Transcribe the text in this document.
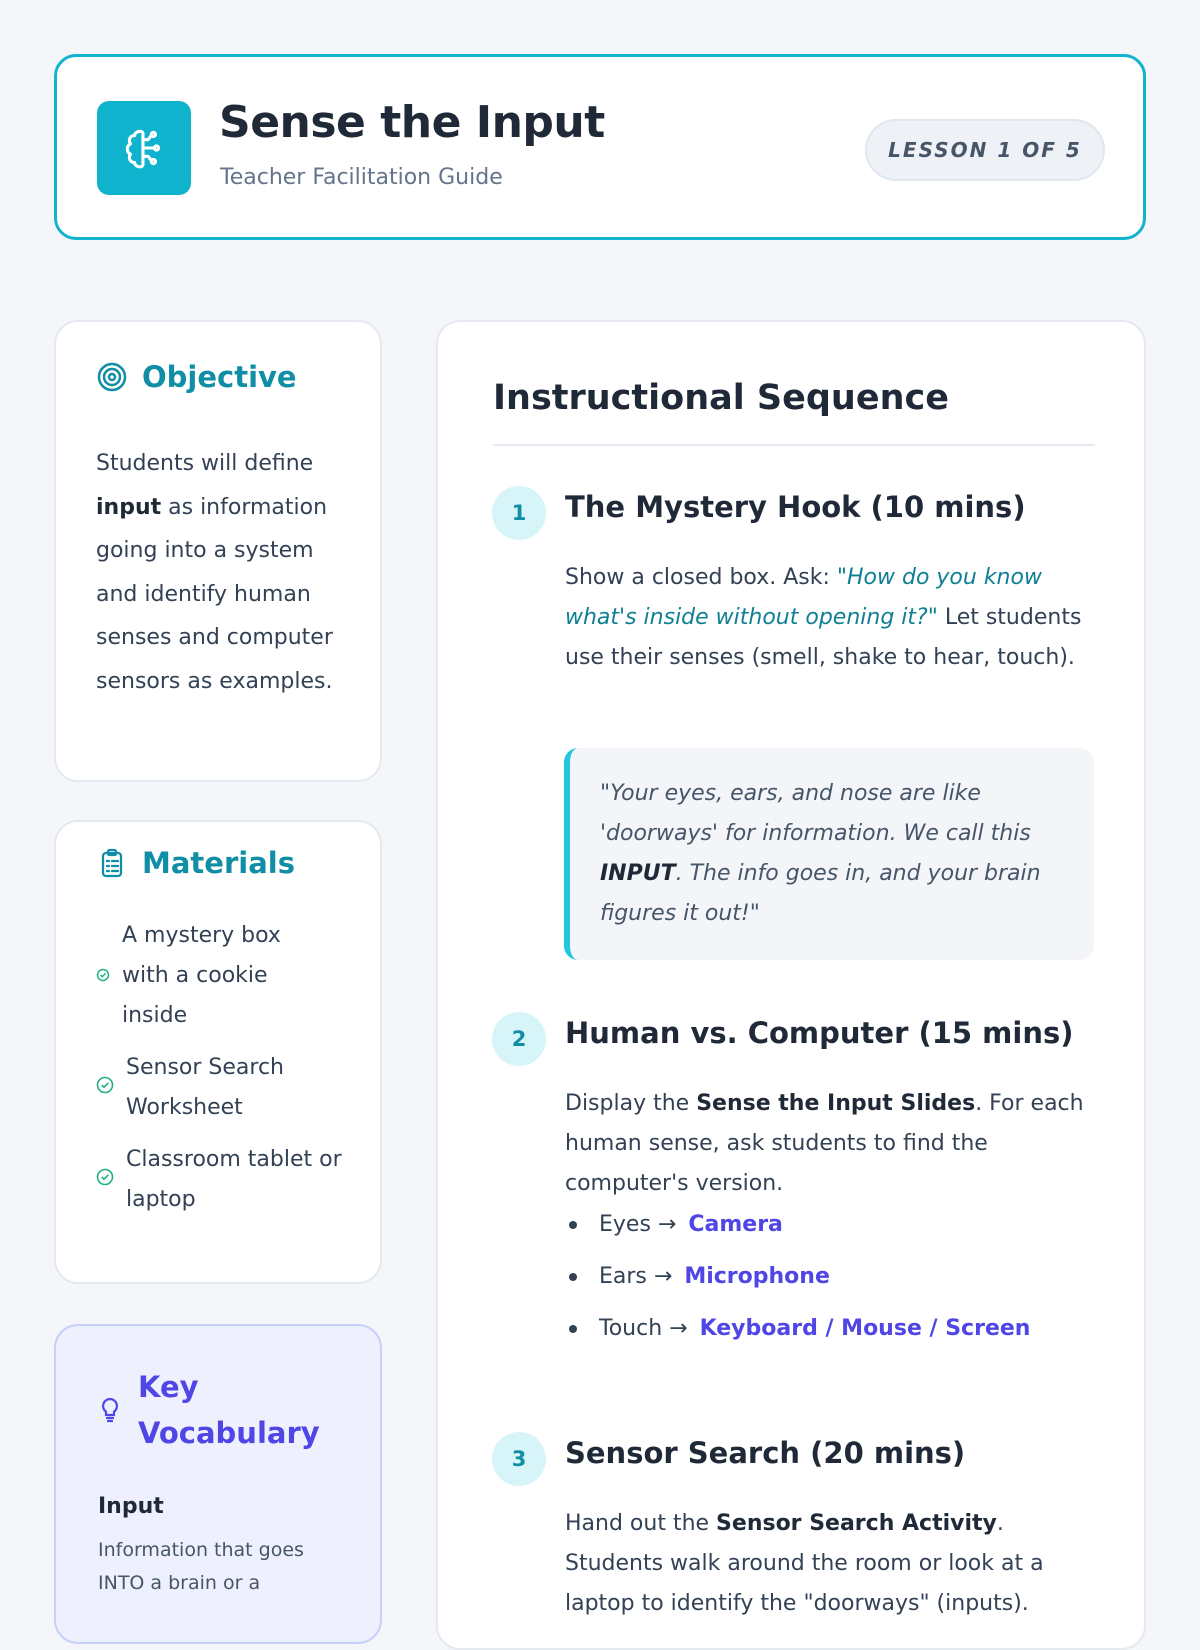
Sense the Input
Teacher Facilitation Guide
LESSON 1 OF 5
Objective
Students will define input as information going into a system and identify human senses and computer sensors as examples.
Materials
A mystery box with a cookie inside
Sensor Search Worksheet
Classroom tablet or laptop
Key Vocabulary
Input
Information that goes INTO a brain or a
Instructional Sequence
1	The Mystery Hook (10 mins)
Show a closed box. Ask: "How do you know what's inside without opening it?" Let students use their senses (smell, shake to hear, touch).
"Your eyes, ears, and nose are like 'doorways' for information. We call this INPUT. The info goes in, and your brain figures it out!"
2	Human vs. Computer (15 mins)
Display the Sense the Input Slides. For each human sense, ask students to find the computer's version.
Eyes
→ Camera
Ears
→ Microphone
Touch
→ Keyboard / Mouse / Screen
3	Sensor Search (20 mins)
Hand out the Sensor Search Activity. Students walk around the room or look at a laptop to identify the "doorways" (inputs).
